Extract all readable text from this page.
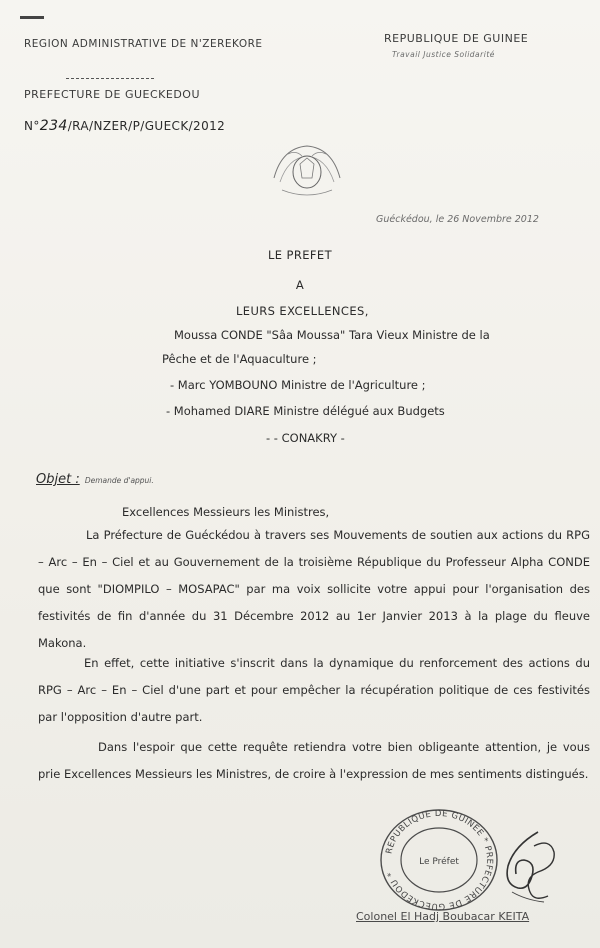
REGION ADMINISTRATIVE DE N'ZEREKORE
PREFECTURE DE GUECKEDOU
REPUBLIQUE DE GUINEE
Travail Justice Solidarité
N°234/RA/NZER/P/GUECK/2012
Guéckédou, le 26 Novembre 2012
LE PREFET
A
LEURS EXCELLENCES,
Moussa CONDE "Sâa Moussa" Tara Vieux Ministre de la
Pêche et de l'Aquaculture ;
- Marc YOMBOUNO Ministre de l'Agriculture ;
- Mohamed DIARE Ministre délégué aux Budgets
- - CONAKRY -
Objet : Demande d'appui.
Excellences Messieurs les Ministres,
La Préfecture de Guéckédou à travers ses Mouvements de soutien aux actions du RPG – Arc – En – Ciel et au Gouvernement de la troisième République du Professeur Alpha CONDE que sont "DIOMPILO – MOSAPAC" par ma voix sollicite votre appui pour l'organisation des festivités de fin d'année du 31 Décembre 2012 au 1er Janvier 2013 à la plage du fleuve Makona.
En effet, cette initiative s'inscrit dans la dynamique du renforcement des actions du RPG – Arc – En – Ciel d'une part et pour empêcher la récupération politique de ces festivités par l'opposition d'autre part.
Dans l'espoir que cette requête retiendra votre bien obligeante attention, je vous prie Excellences Messieurs les Ministres, de croire à l'expression de mes sentiments distingués.
REPUBLIQUE DE GUINEE * PREFECTURE DE GUECKEDOU *
Le Préfet
Colonel El Hadj Boubacar KEITA
